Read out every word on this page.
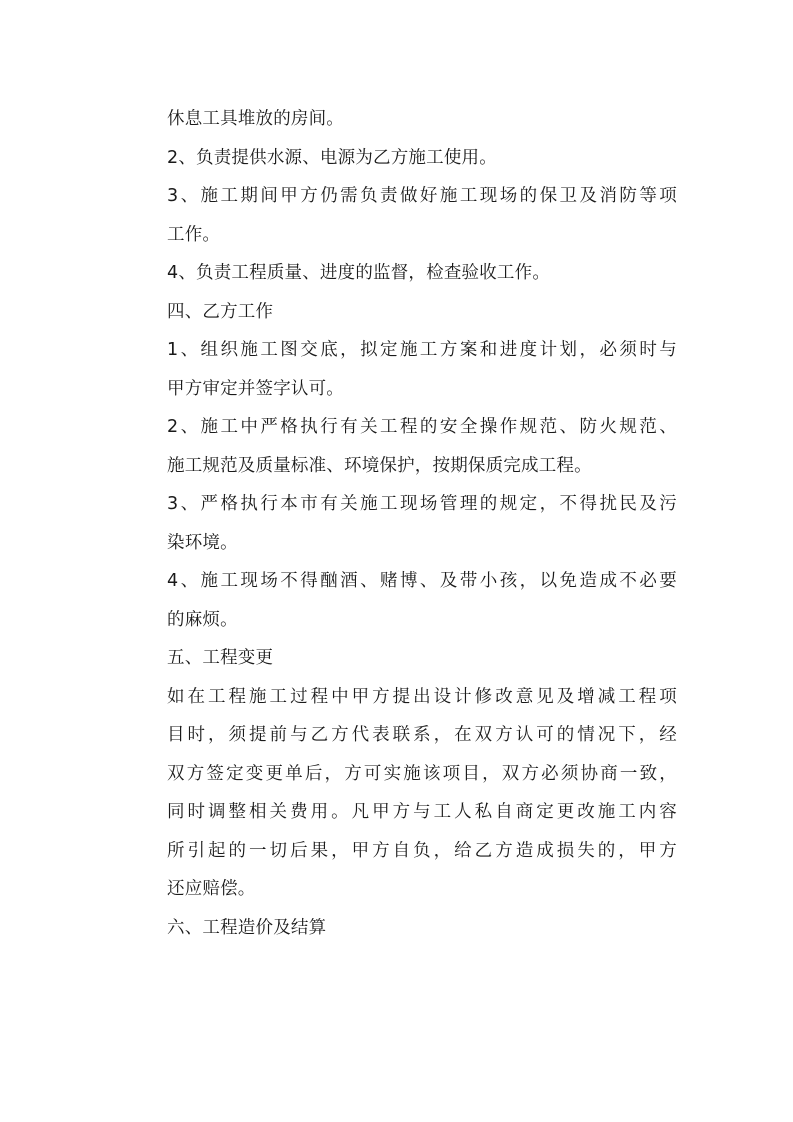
休息工具堆放的房间。
2、负责提供水源、电源为乙方施工使用。
3、施工期间甲方仍需负责做好施工现场的保卫及消防等项
工作。
4、负责工程质量、进度的监督，检查验收工作。
四、乙方工作
1、组织施工图交底，拟定施工方案和进度计划，必须时与
甲方审定并签字认可。
2、施工中严格执行有关工程的安全操作规范、防火规范、
施工规范及质量标准、环境保护，按期保质完成工程。
3、严格执行本市有关施工现场管理的规定，不得扰民及污
染环境。
4、施工现场不得酗酒、赌博、及带小孩，以免造成不必要
的麻烦。
五、工程变更
如在工程施工过程中甲方提出设计修改意见及增减工程项
目时，须提前与乙方代表联系，在双方认可的情况下，经
双方签定变更单后，方可实施该项目，双方必须协商一致，
同时调整相关费用。凡甲方与工人私自商定更改施工内容
所引起的一切后果，甲方自负，给乙方造成损失的，甲方
还应赔偿。
六、工程造价及结算
